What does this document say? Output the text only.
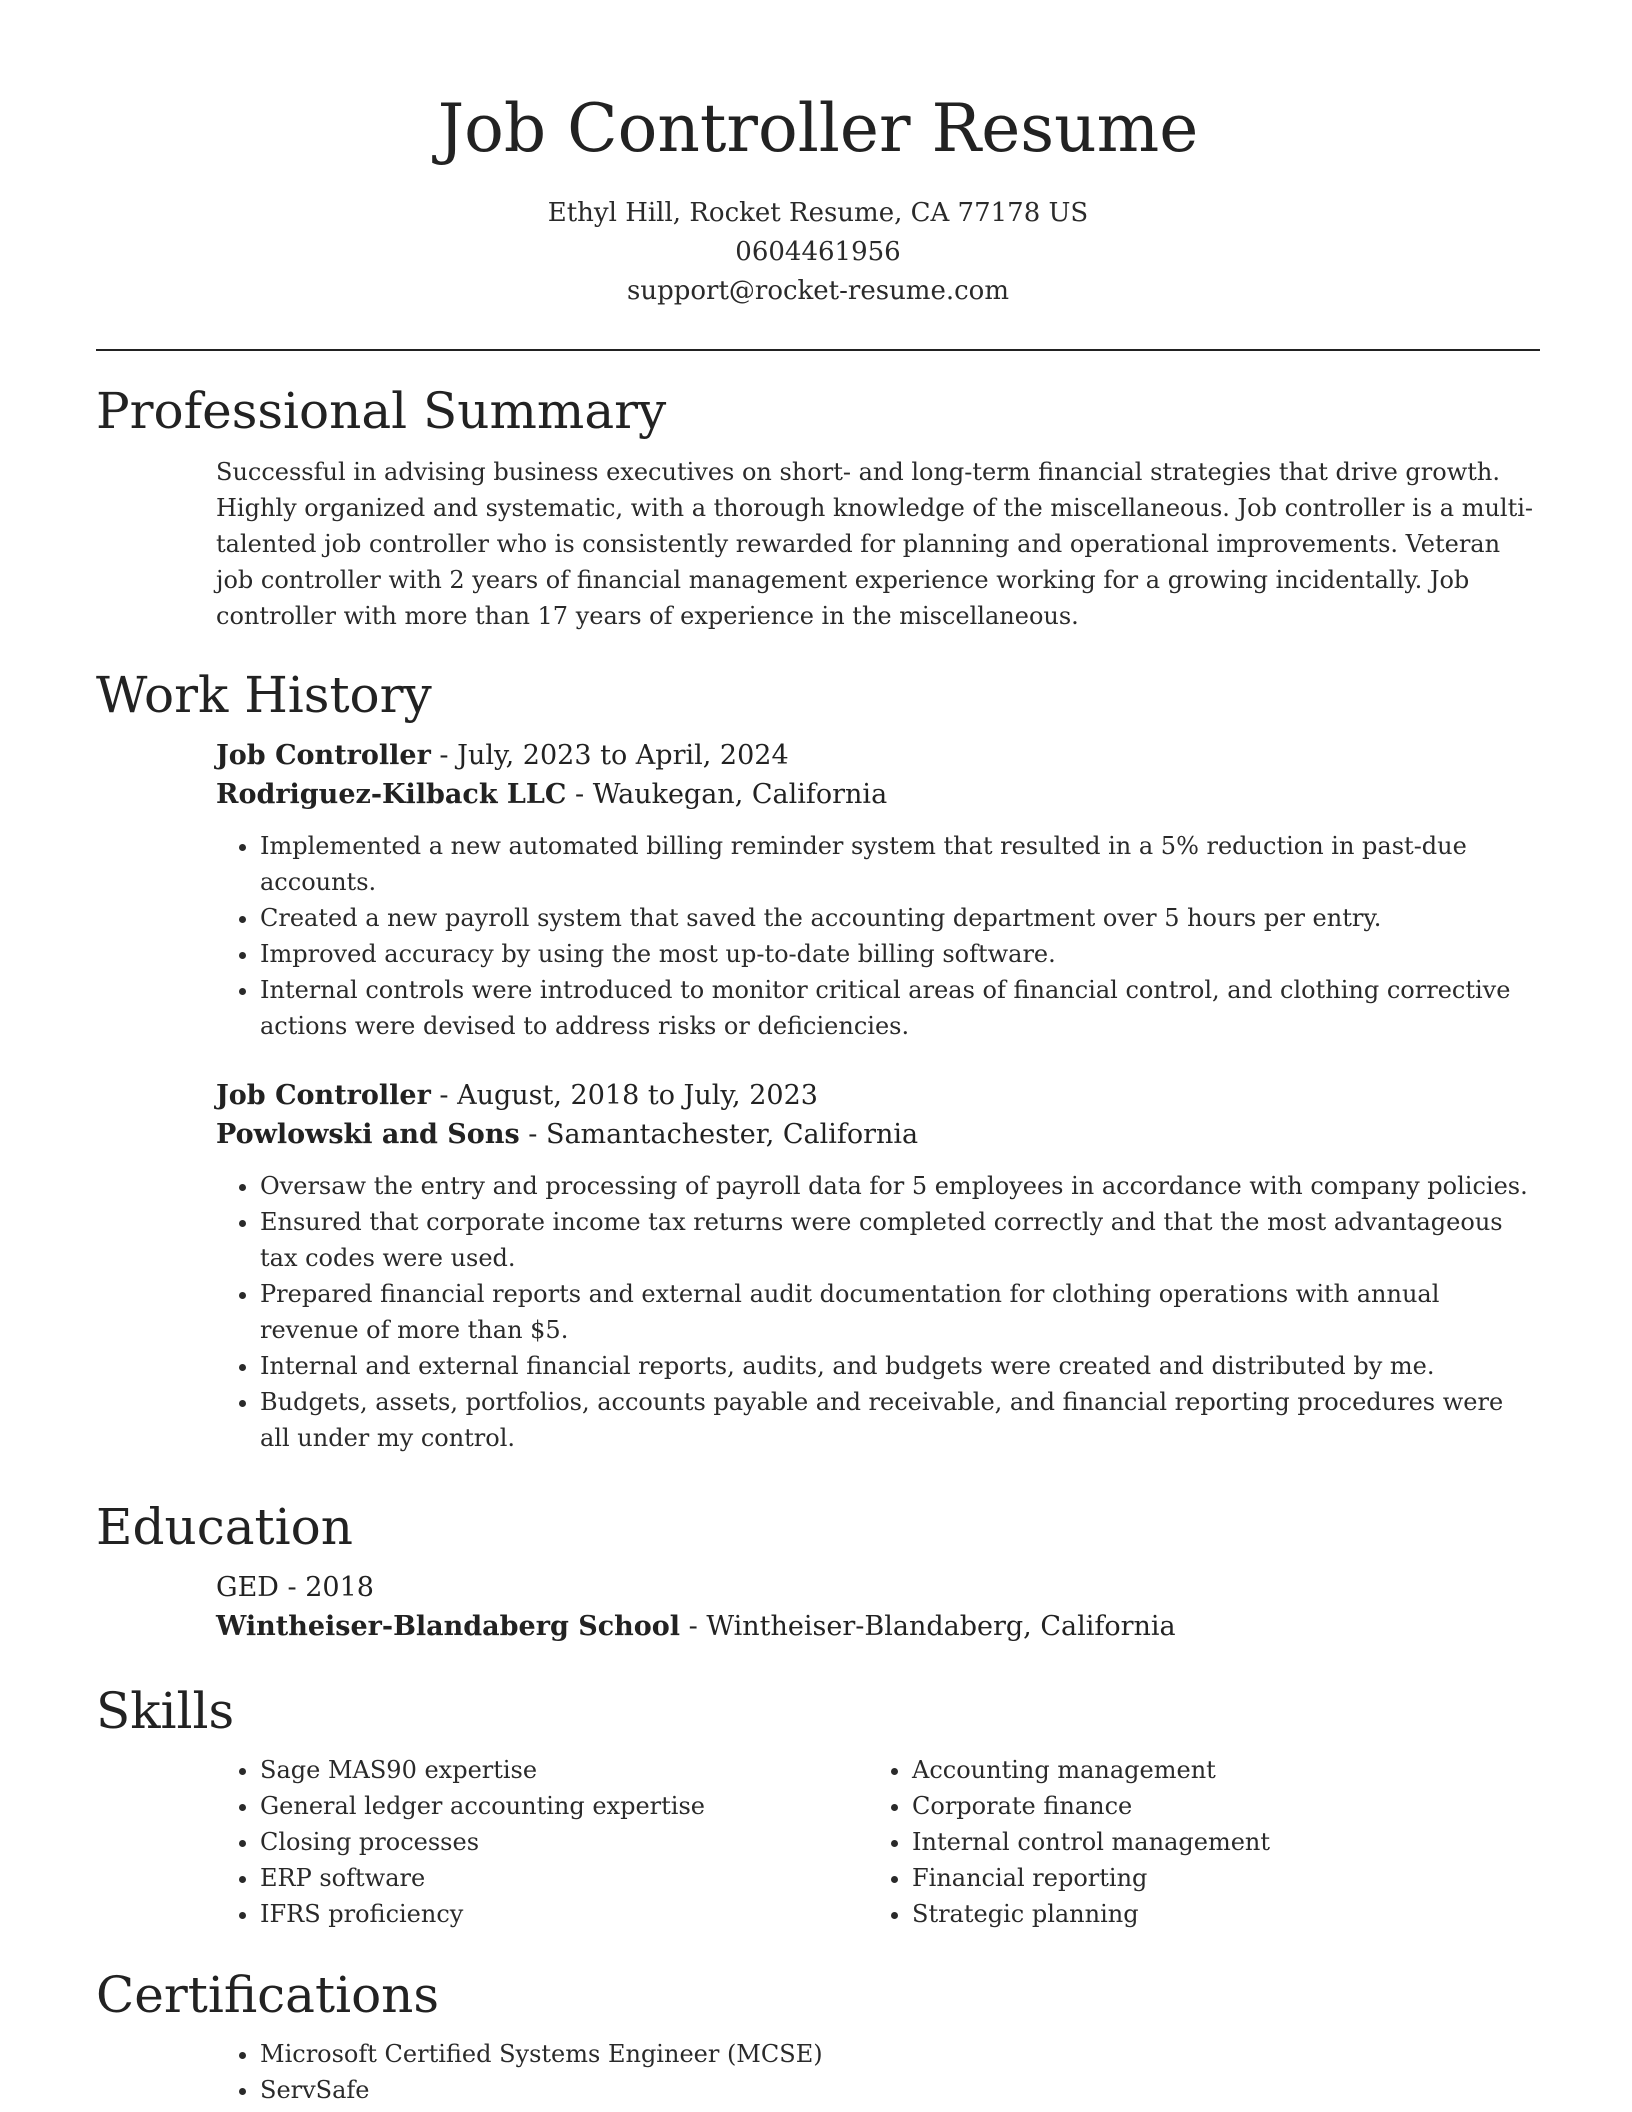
Job Controller Resume
Ethyl Hill, Rocket Resume, CA 77178 US
0604461956
support@rocket-resume.com
Professional Summary

Successful in advising business executives on short- and long-term financial strategies that drive growth. Highly organized and systematic, with a thorough knowledge of the miscellaneous. Job controller is a multi-talented job controller who is consistently rewarded for planning and operational improvements. Veteran job controller with 2 years of financial management experience working for a growing incidentally. Job controller with more than 17 years of experience in the miscellaneous.

Work History
Job Controller - July, 2023 to April, 2024
Rodriguez-Kilback LLC - Waukegan, California
• Implemented a new automated billing reminder system that resulted in a 5% reduction in past-due accounts.
• Created a new payroll system that saved the accounting department over 5 hours per entry.
• Improved accuracy by using the most up-to-date billing software.
• Internal controls were introduced to monitor critical areas of financial control, and clothing corrective actions were devised to address risks or deficiencies.
Job Controller - August, 2018 to July, 2023
Powlowski and Sons - Samantachester, California
• Oversaw the entry and processing of payroll data for 5 employees in accordance with company policies.
• Ensured that corporate income tax returns were completed correctly and that the most advantageous tax codes were used.
• Prepared financial reports and external audit documentation for clothing operations with annual revenue of more than $5.
• Internal and external financial reports, audits, and budgets were created and distributed by me.
• Budgets, assets, portfolios, accounts payable and receivable, and financial reporting procedures were all under my control.
Education
GED - 2018
Wintheiser-Blandaberg School - Wintheiser-Blandaberg, California
Skills
• Sage MAS90 expertise
• General ledger accounting expertise
• Closing processes
• ERP software
• IFRS proficiency
• Accounting management
• Corporate finance
• Internal control management
• Financial reporting
• Strategic planning
Certifications
• Microsoft Certified Systems Engineer (MCSE)
• ServSafe
